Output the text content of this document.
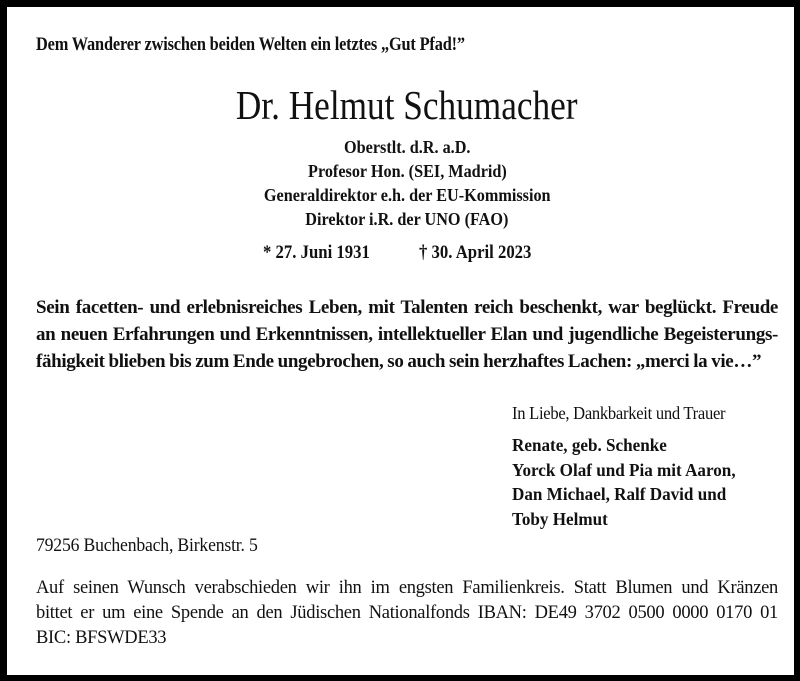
Dem Wanderer zwischen beiden Welten ein letztes „Gut Pfad!”
Dr. Helmut Schumacher
Oberstlt. d.R. a.D.
Profesor Hon. (SEI, Madrid)
Generaldirektor e.h. der EU-Kommission
Direktor i.R. der UNO (FAO)
* 27. Juni 1931	† 30. April 2023
Sein facetten- und erlebnisreiches Leben, mit Talenten reich beschenkt, war beglückt. Freude
an neuen Erfahrungen und Erkenntnissen, intellektueller Elan und jugendliche Begeisterungs-
fähigkeit blieben bis zum Ende ungebrochen, so auch sein herzhaftes Lachen: „merci la vie…”
In Liebe, Dankbarkeit und Trauer
Renate, geb. Schenke
Yorck Olaf und Pia mit Aaron,
Dan Michael, Ralf David und
Toby Helmut
79256 Buchenbach, Birkenstr. 5
Auf seinen Wunsch verabschieden wir ihn im engsten Familienkreis. Statt Blumen und Kränzen
bittet er um eine Spende an den Jüdischen Nationalfonds IBAN: DE49 3702 0500 0000 0170 01
BIC: BFSWDE33
